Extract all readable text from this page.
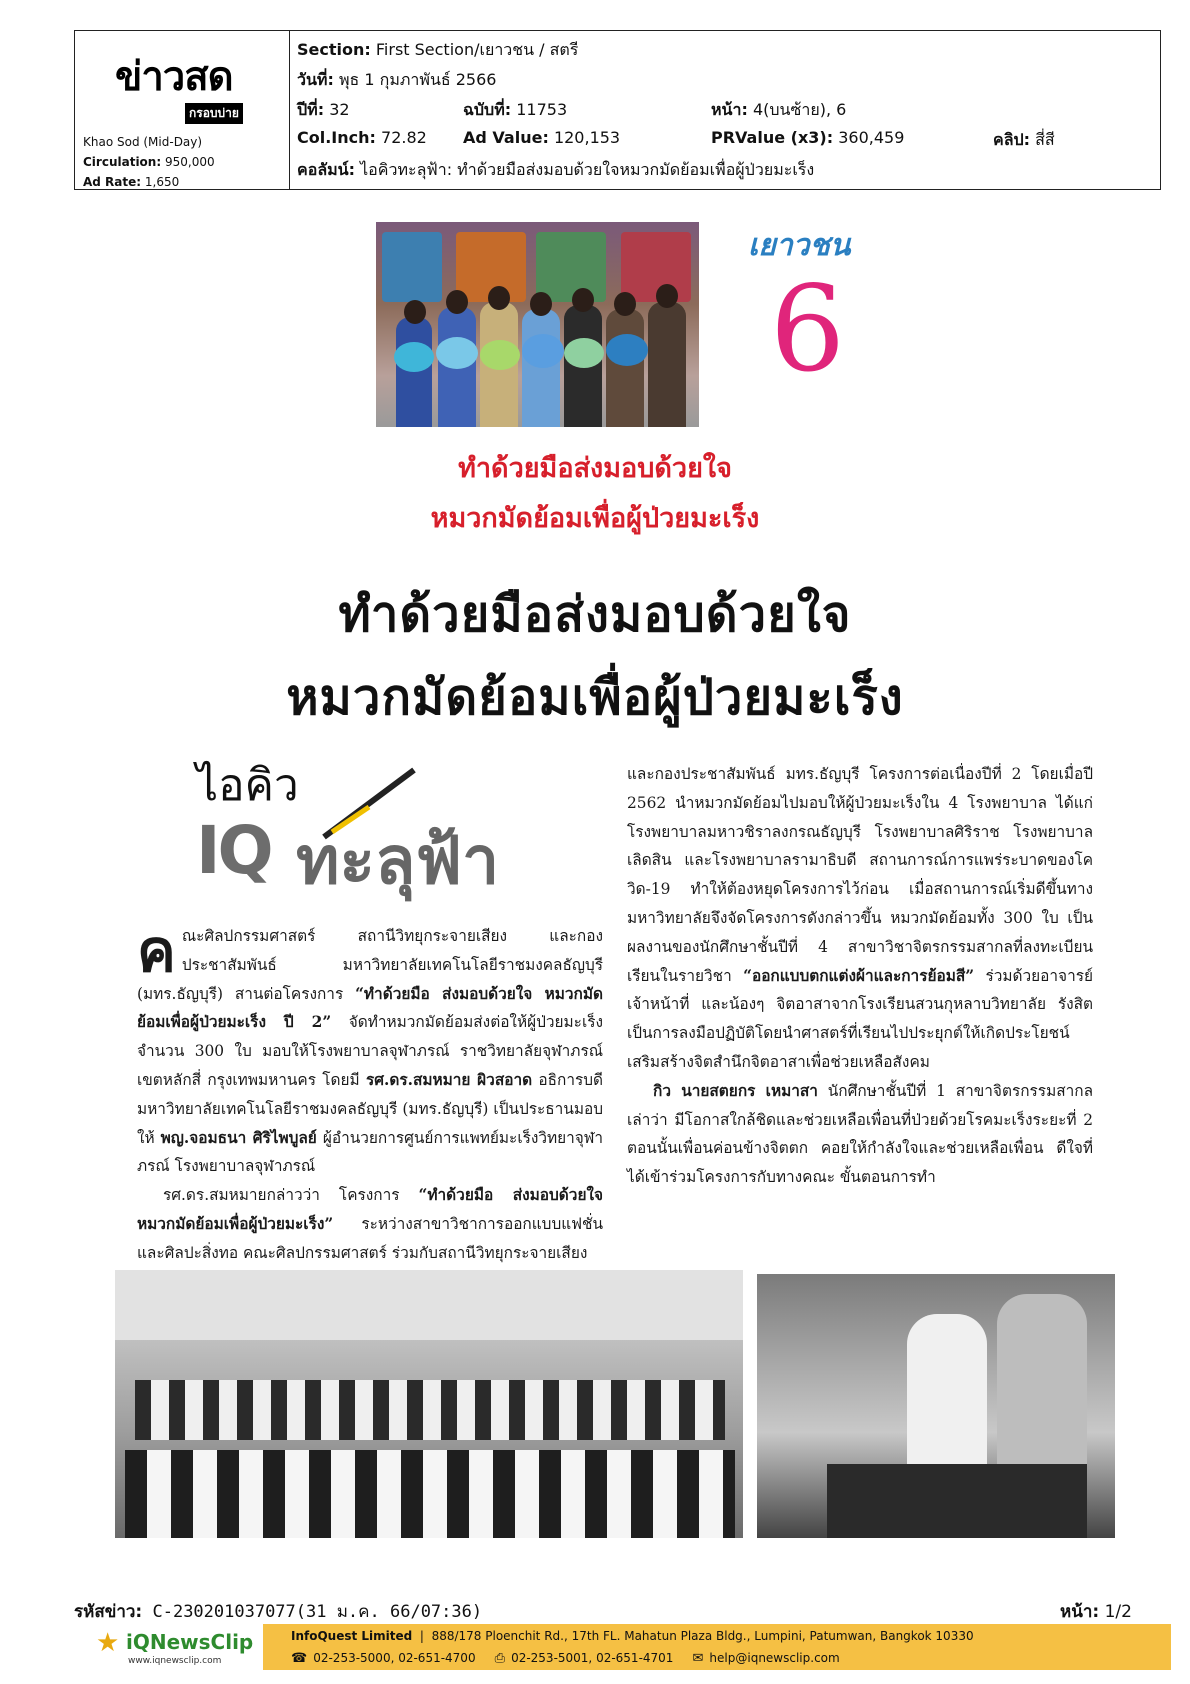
ข่าวสด
กรอบบ่าย
Khao Sod (Mid-Day)
Circulation: 950,000
Ad Rate: 1,650
Section: First Section/เยาวชน / สตรี
วันที่: พุธ 1 กุมภาพันธ์ 2566
ปีที่: 32	ฉบับที่: 11753	หน้า: 4(บนซ้าย), 6
Col.Inch: 72.82 Ad Value: 120,153	PRValue (x3): 360,459	คลิป: สี่สี
คอลัมน์: ไอคิวทะลุฟ้า: ทำด้วยมือส่งมอบด้วยใจหมวกมัดย้อมเพื่อผู้ป่วยมะเร็ง
เยาวชน
6
ทำด้วยมือส่งมอบด้วยใจ
หมวกมัดย้อมเพื่อผู้ป่วยมะเร็ง
ทำด้วยมือส่งมอบด้วยใจ
หมวกมัดย้อมเพื่อผู้ป่วยมะเร็ง
ไอคิว
IQ ทะลุฟ้า

คณะศิลปกรรมศาสตร์ สถานีวิทยุกระจายเสียง และกองประชาสัมพันธ์ มหาวิทยาลัยเทคโนโลยีราชมงคลธัญบุรี (มทร.ธัญบุรี) สานต่อโครงการ “ทำด้วยมือ ส่งมอบด้วยใจ หมวกมัดย้อมเพื่อผู้ป่วยมะเร็ง ปี 2” จัดทำหมวกมัดย้อมส่งต่อให้ผู้ป่วยมะเร็ง จำนวน 300 ใบ มอบให้โรงพยาบาลจุฬาภรณ์ ราชวิทยาลัยจุฬาภรณ์ เขตหลักสี่ กรุงเทพมหานคร โดยมี รศ.ดร.สมหมาย ผิวสอาด อธิการบดีมหาวิทยาลัยเทคโนโลยีราชมงคลธัญบุรี (มทร.ธัญบุรี) เป็นประธานมอบให้ พญ.จอมธนา ศิริไพบูลย์ ผู้อำนวยการศูนย์การแพทย์มะเร็งวิทยาจุฬาภรณ์ โรงพยาบาลจุฬาภรณ์

รศ.ดร.สมหมายกล่าวว่า โครงการ “ทำด้วยมือ ส่งมอบด้วยใจ หมวกมัดย้อมเพื่อผู้ป่วยมะเร็ง” ระหว่างสาขาวิชาการออกแบบแฟชั่นและศิลปะสิ่งทอ คณะศิลปกรรมศาสตร์ ร่วมกับสถานีวิทยุกระจายเสียง

และกองประชาสัมพันธ์ มทร.ธัญบุรี โครงการต่อเนื่องปีที่ 2 โดยเมื่อปี 2562 นำหมวกมัดย้อมไปมอบให้ผู้ป่วยมะเร็งใน 4 โรงพยาบาล ได้แก่ โรงพยาบาลมหาวชิราลงกรณธัญบุรี โรงพยาบาลศิริราช โรงพยาบาลเลิดสิน และโรงพยาบาลรามาธิบดี สถานการณ์การแพร่ระบาดของโควิด-19 ทำให้ต้องหยุดโครงการไว้ก่อน เมื่อสถานการณ์เริ่มดีขึ้นทางมหาวิทยาลัยจึงจัดโครงการดังกล่าวขึ้น หมวกมัดย้อมทั้ง 300 ใบ เป็นผลงานของนักศึกษาชั้นปีที่ 4 สาขาวิชาจิตรกรรมสากลที่ลงทะเบียนเรียนในรายวิชา “ออกแบบตกแต่งผ้าและการย้อมสี” ร่วมด้วยอาจารย์ เจ้าหน้าที่ และน้องๆ จิตอาสาจากโรงเรียนสวนกุหลาบวิทยาลัย รังสิต เป็นการลงมือปฏิบัติโดยนำศาสตร์ที่เรียนไปประยุกต์ให้เกิดประโยชน์ เสริมสร้างจิตสำนึกจิตอาสาเพื่อช่วยเหลือสังคม

กิว นายสตยกร เหมาสา นักศึกษาชั้นปีที่ 1 สาขาจิตรกรรมสากล เล่าว่า มีโอกาสใกล้ชิดและช่วยเหลือเพื่อนที่ป่วยด้วยโรคมะเร็งระยะที่ 2 ตอนนั้นเพื่อนค่อนข้างจิตตก คอยให้กำลังใจและช่วยเหลือเพื่อน ดีใจที่ได้เข้าร่วมโครงการกับทางคณะ ขั้นตอนการทำ

รหัสข่าว: C-230201037077(31 ม.ค. 66/07:36)	หน้า: 1/2
★ iQNewsClip
www.iqnewsclip.com
InfoQuest Limited  |  888/178 Ploenchit Rd., 17th FL. Mahatun Plaza Bldg., Lumpini, Patumwan, Bangkok 10330
☎ 02-253-5000, 02-651-4700 ⎙ 02-253-5001, 02-651-4701 ✉ help@iqnewsclip.com
